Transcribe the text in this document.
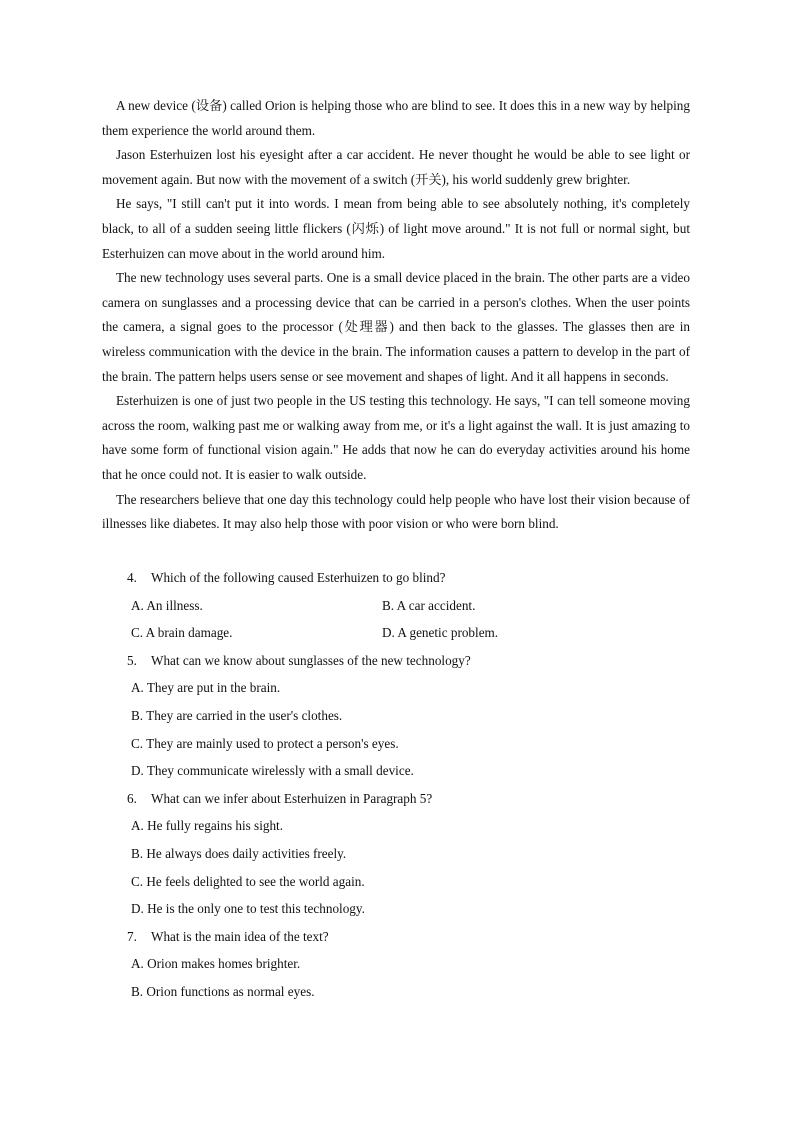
A new device (设备) called Orion is helping those who are blind to see. It does this in a new way by helping them experience the world around them.

Jason Esterhuizen lost his eyesight after a car accident. He never thought he would be able to see light or movement again. But now with the movement of a switch (开关), his world suddenly grew brighter.

He says, "I still can't put it into words. I mean from being able to see absolutely nothing, it's completely black, to all of a sudden seeing little flickers (闪烁) of light move around." It is not full or normal sight, but Esterhuizen can move about in the world around him.

The new technology uses several parts. One is a small device placed in the brain. The other parts are a video camera on sunglasses and a processing device that can be carried in a person's clothes. When the user points the camera, a signal goes to the processor (处理器) and then back to the glasses. The glasses then are in wireless communication with the device in the brain. The information causes a pattern to develop in the part of the brain. The pattern helps users sense or see movement and shapes of light. And it all happens in seconds.

Esterhuizen is one of just two people in the US testing this technology. He says, "I can tell someone moving across the room, walking past me or walking away from me, or it's a light against the wall. It is just amazing to have some form of functional vision again." He adds that now he can do everyday activities around his home that he once could not. It is easier to walk outside.

The researchers believe that one day this technology could help people who have lost their vision because of illnesses like diabetes. It may also help those with poor vision or who were born blind.

4. Which of the following caused Esterhuizen to go blind?
A. An illness.	B. A car accident.
C. A brain damage.	D. A genetic problem.
5. What can we know about sunglasses of the new technology?
A. They are put in the brain.
B. They are carried in the user's clothes.
C. They are mainly used to protect a person's eyes.
D. They communicate wirelessly with a small device.
6. What can we infer about Esterhuizen in Paragraph 5?
A. He fully regains his sight.
B. He always does daily activities freely.
C. He feels delighted to see the world again.
D. He is the only one to test this technology.
7. What is the main idea of the text?
A. Orion makes homes brighter.
B. Orion functions as normal eyes.
